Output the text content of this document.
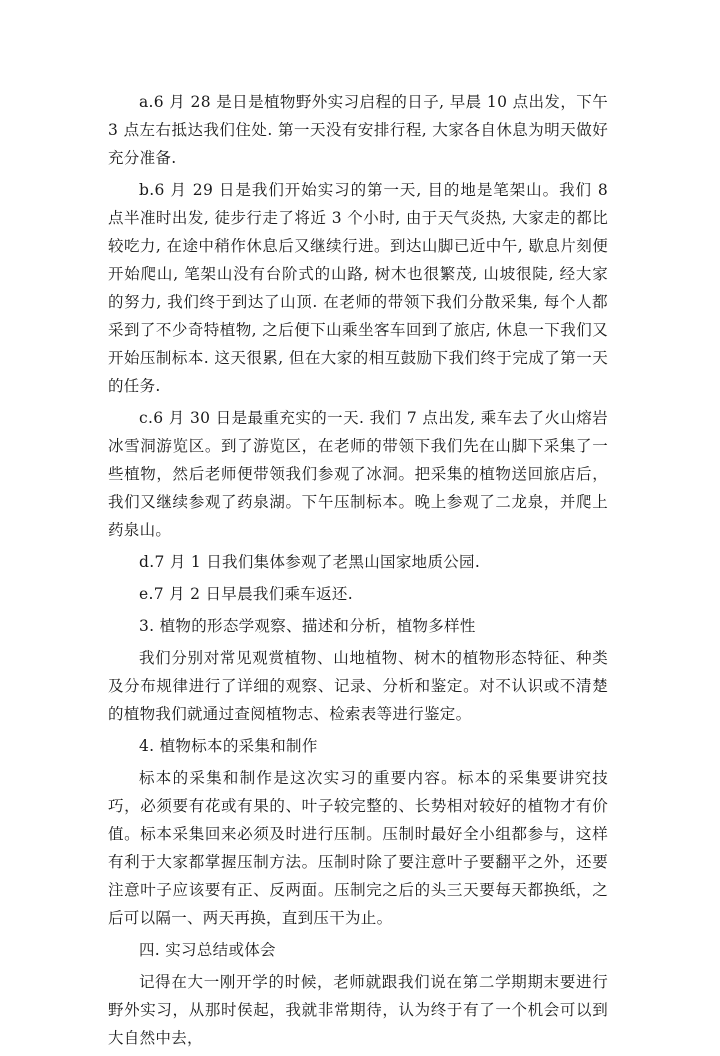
a.6 月 28 是日是植物野外实习启程的日子, 早晨 10 点出发，下午 3 点左右抵达我们住处. 第一天没有安排行程, 大家各自休息为明天做好充分准备.

b.6 月 29 日是我们开始实习的第一天, 目的地是笔架山。我们 8 点半准时出发, 徒步行走了将近 3 个小时, 由于天气炎热, 大家走的都比较吃力, 在途中稍作休息后又继续行进。到达山脚已近中午, 歇息片刻便开始爬山, 笔架山没有台阶式的山路, 树木也很繁茂, 山坡很陡, 经大家的努力, 我们终于到达了山顶. 在老师的带领下我们分散采集, 每个人都采到了不少奇特植物, 之后便下山乘坐客车回到了旅店, 休息一下我们又开始压制标本. 这天很累, 但在大家的相互鼓励下我们终于完成了第一天的任务.

c.6 月 30 日是最重充实的一天. 我们 7 点出发, 乘车去了火山熔岩冰雪洞游览区。到了游览区，在老师的带领下我们先在山脚下采集了一些植物，然后老师便带领我们参观了冰洞。把采集的植物送回旅店后，我们又继续参观了药泉湖。下午压制标本。晚上参观了二龙泉，并爬上药泉山。

d.7 月 1 日我们集体参观了老黑山国家地质公园.

e.7 月 2 日早晨我们乘车返还.

3. 植物的形态学观察、描述和分析，植物多样性

我们分别对常见观赏植物、山地植物、树木的植物形态特征、种类及分布规律进行了详细的观察、记录、分析和鉴定。对不认识或不清楚的植物我们就通过查阅植物志、检索表等进行鉴定。

4. 植物标本的采集和制作

标本的采集和制作是这次实习的重要内容。标本的采集要讲究技巧，必须要有花或有果的、叶子较完整的、长势相对较好的植物才有价值。标本采集回来必须及时进行压制。压制时最好全小组都参与，这样有利于大家都掌握压制方法。压制时除了要注意叶子要翻平之外，还要注意叶子应该要有正、反两面。压制完之后的头三天要每天都换纸，之后可以隔一、两天再换，直到压干为止。

四. 实习总结或体会

记得在大一刚开学的时候，老师就跟我们说在第二学期期末要进行野外实习，从那时侯起，我就非常期待，认为终于有了一个机会可以到大自然中去，
